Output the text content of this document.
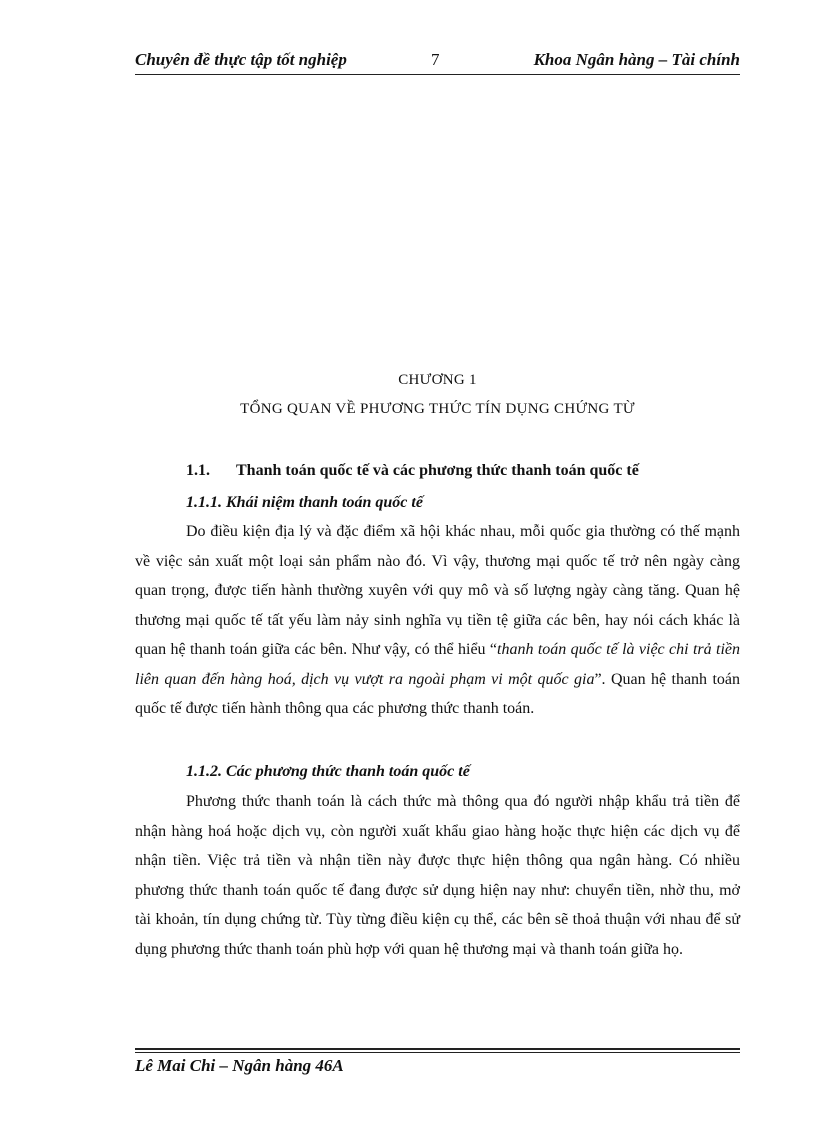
Chuyên đề thực tập tốt nghiệp	7	Khoa Ngân hàng – Tài chính
CHƯƠNG 1
TỔNG QUAN VỀ PHƯƠNG THỨC TÍN DỤNG CHỨNG TỪ
1.1. Thanh toán quốc tế và các phương thức thanh toán quốc tế
1.1.1. Khái niệm thanh toán quốc tế

Do điều kiện địa lý và đặc điểm xã hội khác nhau, mỗi quốc gia thường có thế mạnh về việc sản xuất một loại sản phẩm nào đó. Vì vậy, thương mại quốc tế trở nên ngày càng quan trọng, được tiến hành thường xuyên với quy mô và số lượng ngày càng tăng. Quan hệ thương mại quốc tế tất yếu làm nảy sinh nghĩa vụ tiền tệ giữa các bên, hay nói cách khác là quan hệ thanh toán giữa các bên. Như vậy, có thể hiểu “thanh toán quốc tế là việc chi trả tiền liên quan đến hàng hoá, dịch vụ vượt ra ngoài phạm vi một quốc gia”. Quan hệ thanh toán quốc tế được tiến hành thông qua các phương thức thanh toán.

1.1.2. Các phương thức thanh toán quốc tế

Phương thức thanh toán là cách thức mà thông qua đó người nhập khẩu trả tiền để nhận hàng hoá hoặc dịch vụ, còn người xuất khẩu giao hàng hoặc thực hiện các dịch vụ để nhận tiền. Việc trả tiền và nhận tiền này được thực hiện thông qua ngân hàng. Có nhiều phương thức thanh toán quốc tế đang được sử dụng hiện nay như: chuyển tiền, nhờ thu, mở tài khoản, tín dụng chứng từ. Tùy từng điều kiện cụ thể, các bên sẽ thoả thuận với nhau để sử dụng phương thức thanh toán phù hợp với quan hệ thương mại và thanh toán giữa họ.

Lê Mai Chi – Ngân hàng 46A
